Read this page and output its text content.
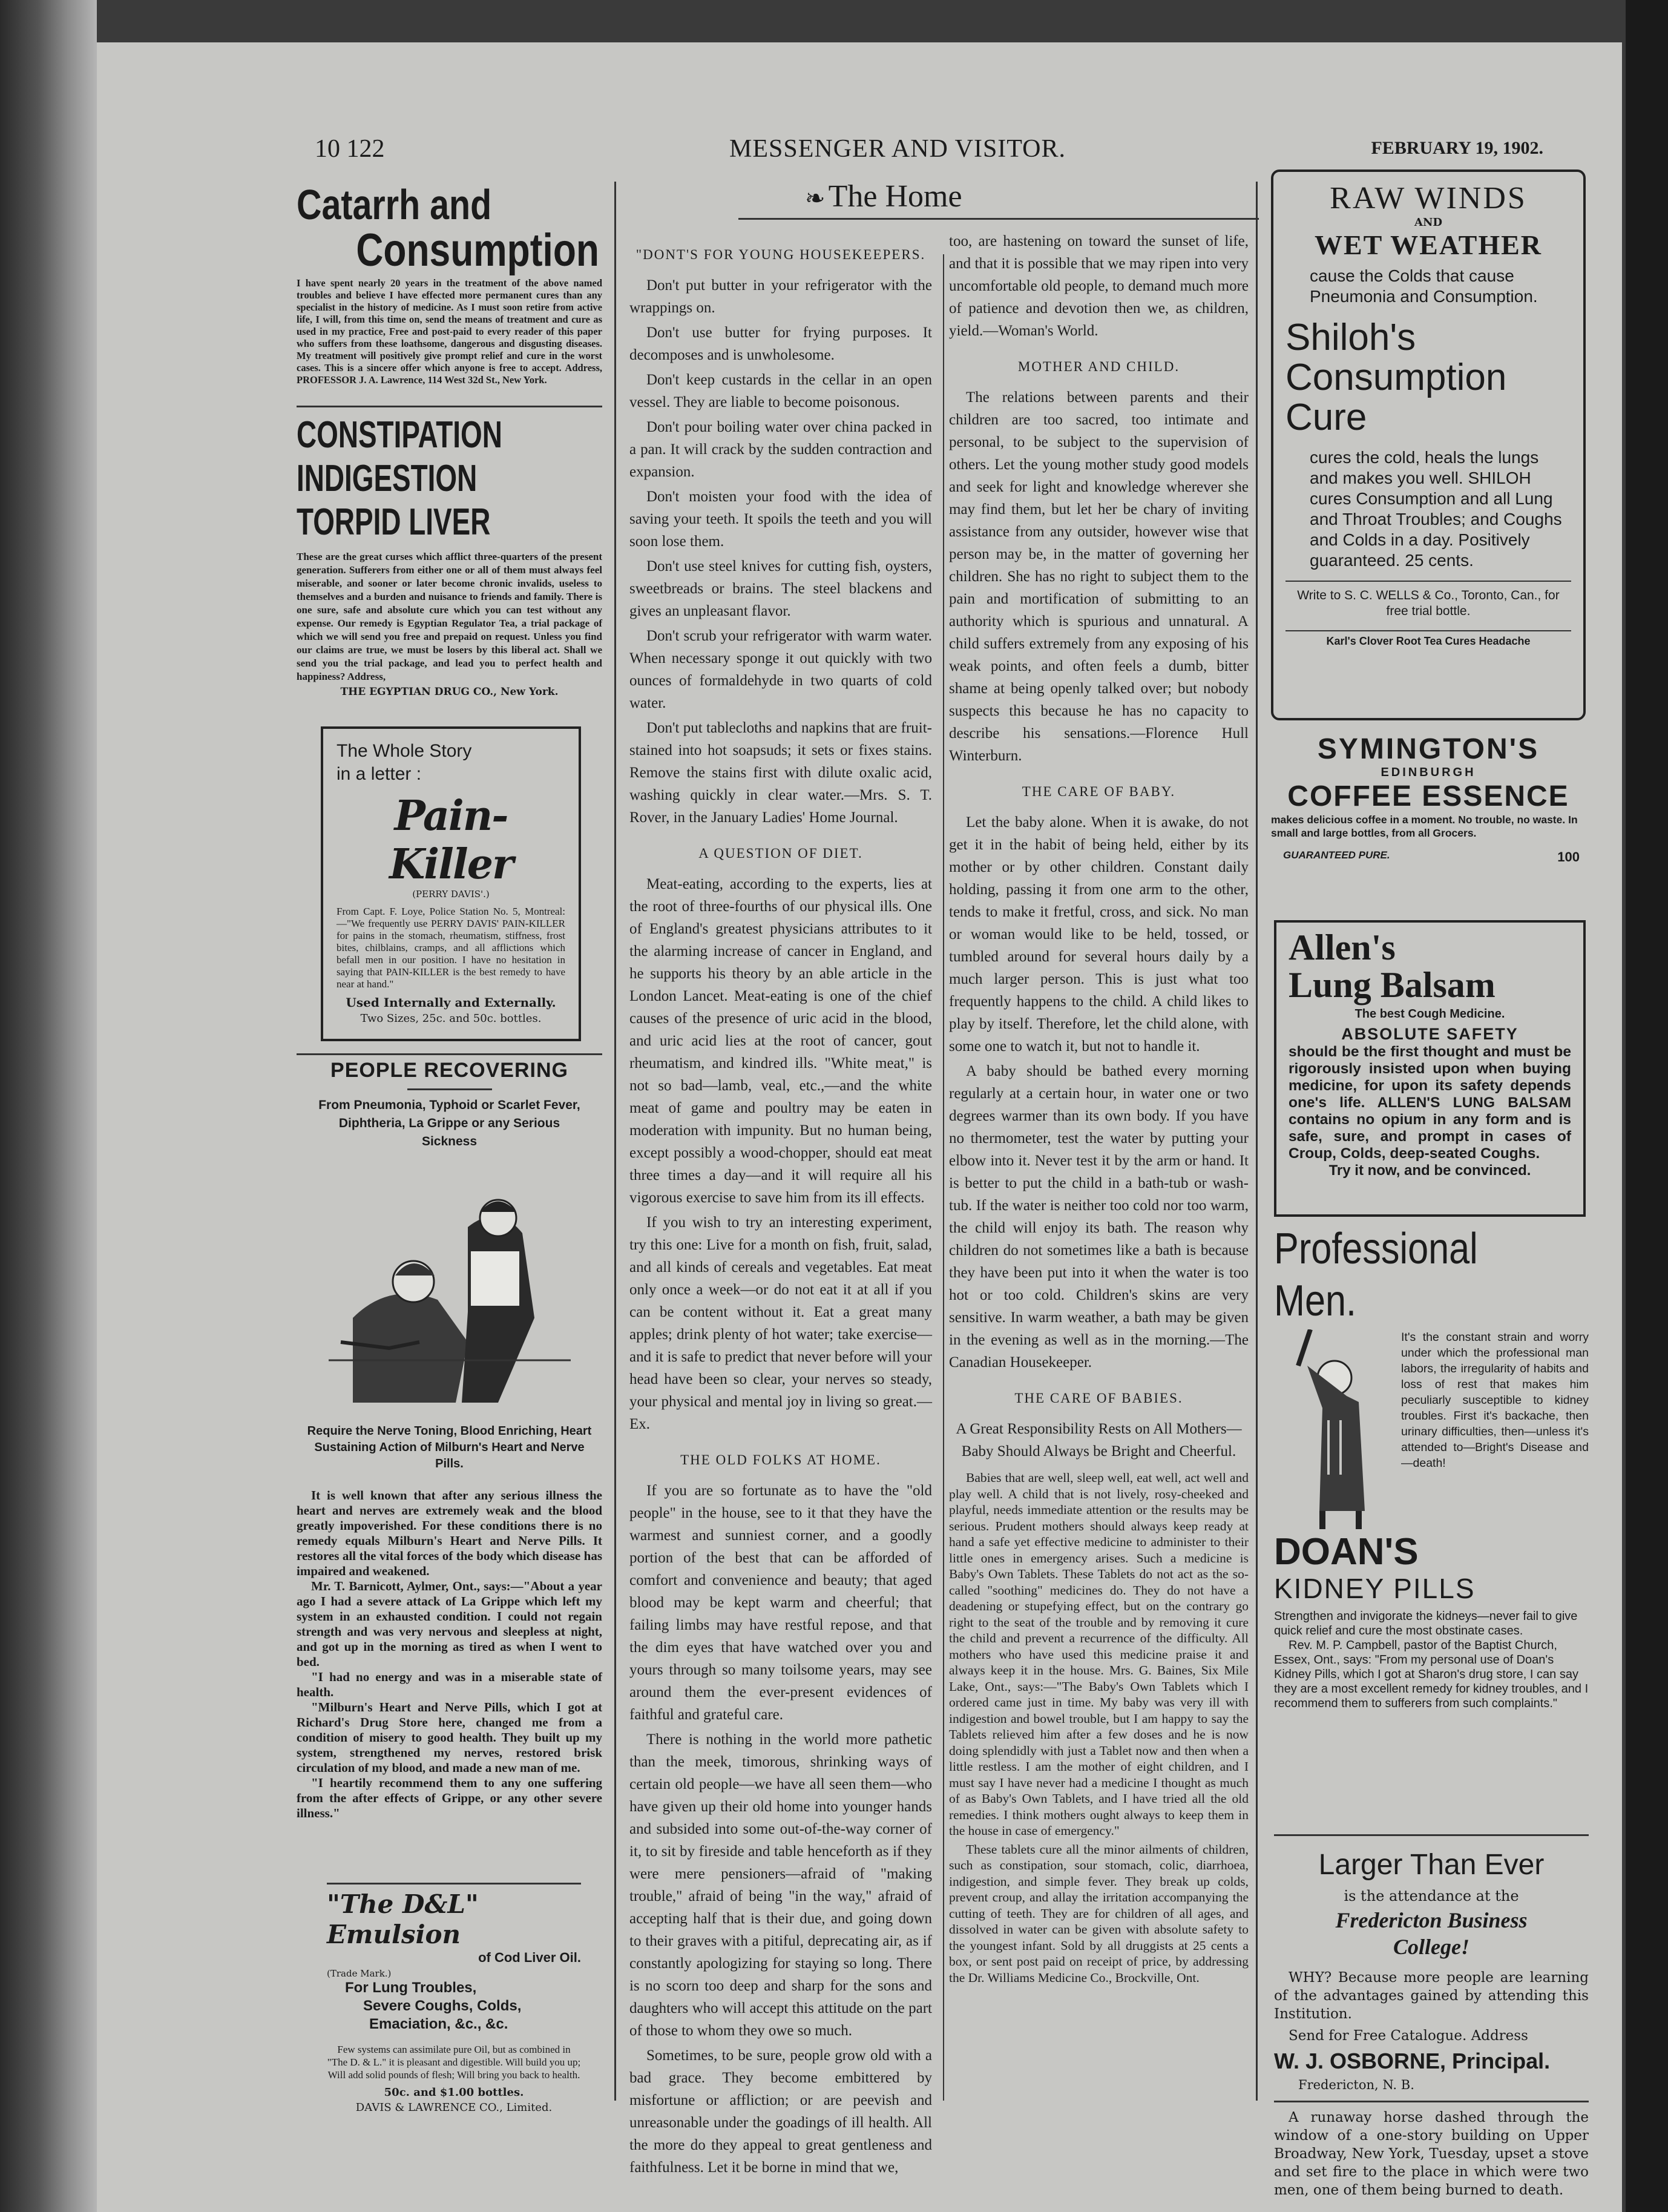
10 122	MESSENGER AND VISITOR.	FEBRUARY 19, 1902.
Catarrh and
Consumption
I have spent nearly 20 years in the treatment of the above named troubles and believe I have effected more permanent cures than any specialist in the history of medicine. As I must soon retire from active life, I will, from this time on, send the means of treatment and cure as used in my practice, Free and post-paid to every reader of this paper who suffers from these loathsome, dangerous and disgusting diseases. My treatment will positively give prompt relief and cure in the worst cases. This is a sincere offer which anyone is free to accept. Address, PROFESSOR J. A. Lawrence, 114 West 32d St., New York.
CONSTIPATION
INDIGESTION
TORPID LIVER
These are the great curses which afflict three-quarters of the present generation. Sufferers from either one or all of them must always feel miserable, and sooner or later become chronic invalids, useless to themselves and a burden and nuisance to friends and family. There is one sure, safe and absolute cure which you can test without any expense. Our remedy is Egyptian Regulator Tea, a trial package of which we will send you free and prepaid on request. Unless you find our claims are true, we must be losers by this liberal act. Shall we send you the trial package, and lead you to perfect health and happiness? Address,
THE EGYPTIAN DRUG CO., New York.
The Whole Story
in a letter :
Pain-Killer
(PERRY DAVIS'.)
From Capt. F. Loye, Police Station No. 5, Montreal:—"We frequently use PERRY DAVIS' PAIN-KILLER for pains in the stomach, rheumatism, stiffness, frost bites, chilblains, cramps, and all afflictions which befall men in our position. I have no hesitation in saying that PAIN-KILLER is the best remedy to have near at hand."
Used Internally and Externally.
Two Sizes, 25c. and 50c. bottles.
PEOPLE RECOVERING
From Pneumonia, Typhoid or Scarlet Fever, Diphtheria, La Grippe or any Serious Sickness
Require the Nerve Toning, Blood Enriching, Heart Sustaining Action of Milburn's Heart and Nerve Pills.

It is well known that after any serious illness the heart and nerves are extremely weak and the blood greatly impoverished. For these conditions there is no remedy equals Milburn's Heart and Nerve Pills. It restores all the vital forces of the body which disease has impaired and weakened.

Mr. T. Barnicott, Aylmer, Ont., says:—"About a year ago I had a severe attack of La Grippe which left my system in an exhausted condition. I could not regain strength and was very nervous and sleepless at night, and got up in the morning as tired as when I went to bed.

"I had no energy and was in a miserable state of health.

"Milburn's Heart and Nerve Pills, which I got at Richard's Drug Store here, changed me from a condition of misery to good health. They built up my system, strengthened my nerves, restored brisk circulation of my blood, and made a new man of me.

"I heartily recommend them to any one suffering from the after effects of Grippe, or any other severe illness."

"The D&L" Emulsion
of Cod Liver Oil.
(Trade Mark.)
For Lung Troubles,
Severe Coughs, Colds,
Emaciation, &c., &c.
Few systems can assimilate pure Oil, but as combined in "The D. & L." it is pleasant and digestible. Will build you up; Will add solid pounds of flesh; Will bring you back to health.
50c. and $1.00 bottles.
DAVIS & LAWRENCE CO., Limited.
❧ The Home
"DONT'S FOR YOUNG HOUSEKEEPERS.

Don't put butter in your refrigerator with the wrappings on.

Don't use butter for frying purposes. It decomposes and is unwholesome.

Don't keep custards in the cellar in an open vessel. They are liable to become poisonous.

Don't pour boiling water over china packed in a pan. It will crack by the sudden contraction and expansion.

Don't moisten your food with the idea of saving your teeth. It spoils the teeth and you will soon lose them.

Don't use steel knives for cutting fish, oysters, sweetbreads or brains. The steel blackens and gives an unpleasant flavor.

Don't scrub your refrigerator with warm water. When necessary sponge it out quickly with two ounces of formaldehyde in two quarts of cold water.

Don't put tablecloths and napkins that are fruit-stained into hot soapsuds; it sets or fixes stains. Remove the stains first with dilute oxalic acid, washing quickly in clear water.—Mrs. S. T. Rover, in the January Ladies' Home Journal.

A QUESTION OF DIET.

Meat-eating, according to the experts, lies at the root of three-fourths of our physical ills. One of England's greatest physicians attributes to it the alarming increase of cancer in England, and he supports his theory by an able article in the London Lancet. Meat-eating is one of the chief causes of the presence of uric acid in the blood, and uric acid lies at the root of cancer, gout rheumatism, and kindred ills. "White meat," is not so bad—lamb, veal, etc.,—and the white meat of game and poultry may be eaten in moderation with impunity. But no human being, except possibly a wood-chopper, should eat meat three times a day—and it will require all his vigorous exercise to save him from its ill effects.

If you wish to try an interesting experiment, try this one: Live for a month on fish, fruit, salad, and all kinds of cereals and vegetables. Eat meat only once a week—or do not eat it at all if you can be content without it. Eat a great many apples; drink plenty of hot water; take exercise—and it is safe to predict that never before will your head have been so clear, your nerves so steady, your physical and mental joy in living so great.—Ex.

THE OLD FOLKS AT HOME.

If you are so fortunate as to have the "old people" in the house, see to it that they have the warmest and sunniest corner, and a goodly portion of the best that can be afforded of comfort and convenience and beauty; that aged blood may be kept warm and cheerful; that failing limbs may have restful repose, and that the dim eyes that have watched over you and yours through so many toilsome years, may see around them the ever-present evidences of faithful and grateful care.

There is nothing in the world more pathetic than the meek, timorous, shrinking ways of certain old people—we have all seen them—who have given up their old home into younger hands and subsided into some out-of-the-way corner of it, to sit by fireside and table henceforth as if they were mere pensioners—afraid of "making trouble," afraid of being "in the way," afraid of accepting half that is their due, and going down to their graves with a pitiful, deprecating air, as if constantly apologizing for staying so long. There is no scorn too deep and sharp for the sons and daughters who will accept this attitude on the part of those to whom they owe so much.

Sometimes, to be sure, people grow old with a bad grace. They become embittered by misfortune or affliction; or are peevish and unreasonable under the goadings of ill health. All the more do they appeal to great gentleness and faithfulness. Let it be borne in mind that we,

too, are hastening on toward the sunset of life, and that it is possible that we may ripen into very uncomfortable old people, to demand much more of patience and devotion then we, as children, yield.—Woman's World.

MOTHER AND CHILD.

The relations between parents and their children are too sacred, too intimate and personal, to be subject to the supervision of others. Let the young mother study good models and seek for light and knowledge wherever she may find them, but let her be chary of inviting assistance from any outsider, however wise that person may be, in the matter of governing her children. She has no right to subject them to the pain and mortification of submitting to an authority which is spurious and unnatural. A child suffers extremely from any exposing of his weak points, and often feels a dumb, bitter shame at being openly talked over; but nobody suspects this because he has no capacity to describe his sensations.—Florence Hull Winterburn.

THE CARE OF BABY.

Let the baby alone. When it is awake, do not get it in the habit of being held, either by its mother or by other children. Constant daily holding, passing it from one arm to the other, tends to make it fretful, cross, and sick. No man or woman would like to be held, tossed, or tumbled around for several hours daily by a much larger person. This is just what too frequently happens to the child. A child likes to play by itself. Therefore, let the child alone, with some one to watch it, but not to handle it.

A baby should be bathed every morning regularly at a certain hour, in water one or two degrees warmer than its own body. If you have no thermometer, test the water by putting your elbow into it. Never test it by the arm or hand. It is better to put the child in a bath-tub or wash-tub. If the water is neither too cold nor too warm, the child will enjoy its bath. The reason why children do not sometimes like a bath is because they have been put into it when the water is too hot or too cold. Children's skins are very sensitive. In warm weather, a bath may be given in the evening as well as in the morning.—The Canadian Housekeeper.

THE CARE OF BABIES.
A Great Responsibility Rests on All Mothers—Baby Should Always be Bright and Cheerful.

Babies that are well, sleep well, eat well, act well and play well. A child that is not lively, rosy-cheeked and playful, needs immediate attention or the results may be serious. Prudent mothers should always keep ready at hand a safe yet effective medicine to administer to their little ones in emergency arises. Such a medicine is Baby's Own Tablets. These Tablets do not act as the so-called "soothing" medicines do. They do not have a deadening or stupefying effect, but on the contrary go right to the seat of the trouble and by removing it cure the child and prevent a recurrence of the difficulty. All mothers who have used this medicine praise it and always keep it in the house. Mrs. G. Baines, Six Mile Lake, Ont., says:—"The Baby's Own Tablets which I ordered came just in time. My baby was very ill with indigestion and bowel trouble, but I am happy to say the Tablets relieved him after a few doses and he is now doing splendidly with just a Tablet now and then when a little restless. I am the mother of eight children, and I must say I have never had a medicine I thought as much of as Baby's Own Tablets, and I have tried all the old remedies. I think mothers ought always to keep them in the house in case of emergency."

These tablets cure all the minor ailments of children, such as constipation, sour stomach, colic, diarrhoea, indigestion, and simple fever. They break up colds, prevent croup, and allay the irritation accompanying the cutting of teeth. They are for children of all ages, and dissolved in water can be given with absolute safety to the youngest infant. Sold by all druggists at 25 cents a box, or sent post paid on receipt of price, by addressing the Dr. Williams Medicine Co., Brockville, Ont.

RAW WINDS
AND
WET WEATHER
cause the Colds that cause Pneumonia and Consumption.
Shiloh's
Consumption
Cure
cures the cold, heals the lungs and makes you well. SHILOH cures Consumption and all Lung and Throat Troubles; and Coughs and Colds in a day. Positively guaranteed. 25 cents.
Write to S. C. WELLS & Co., Toronto, Can., for free trial bottle.
Karl's Clover Root Tea Cures Headache
SYMINGTON'S
EDINBURGH
COFFEE ESSENCE
makes delicious coffee in a moment. No trouble, no waste. In small and large bottles, from all Grocers.
GUARANTEED PURE.	100
Allen's
Lung Balsam
The best Cough Medicine.
ABSOLUTE SAFETY
should be the first thought and must be rigorously insisted upon when buying medicine, for upon its safety depends one's life. ALLEN'S LUNG BALSAM contains no opium in any form and is safe, sure, and prompt in cases of Croup, Colds, deep-seated Coughs.
Try it now, and be convinced.
Professional
Men.
It's the constant strain and worry under which the professional man labors, the irregularity of habits and loss of rest that makes him peculiarly susceptible to kidney troubles. First it's backache, then urinary difficulties, then—unless it's attended to—Bright's Disease and—death!
DOAN'S
KIDNEY PILLS
Strengthen and invigorate the kidneys—never fail to give quick relief and cure the most obstinate cases.
Rev. M. P. Campbell, pastor of the Baptist Church, Essex, Ont., says: "From my personal use of Doan's Kidney Pills, which I got at Sharon's drug store, I can say they are a most excellent remedy for kidney troubles, and I recommend them to sufferers from such complaints."
Larger Than Ever
is the attendance at the
Fredericton Business
College!
WHY? Because more people are learning of the advantages gained by attending this Institution.
Send for Free Catalogue. Address
W. J. OSBORNE, Principal.
Fredericton, N. B.
A runaway horse dashed through the window of a one-story building on Upper Broadway, New York, Tuesday, upset a stove and set fire to the place in which were two men, one of them being burned to death.
